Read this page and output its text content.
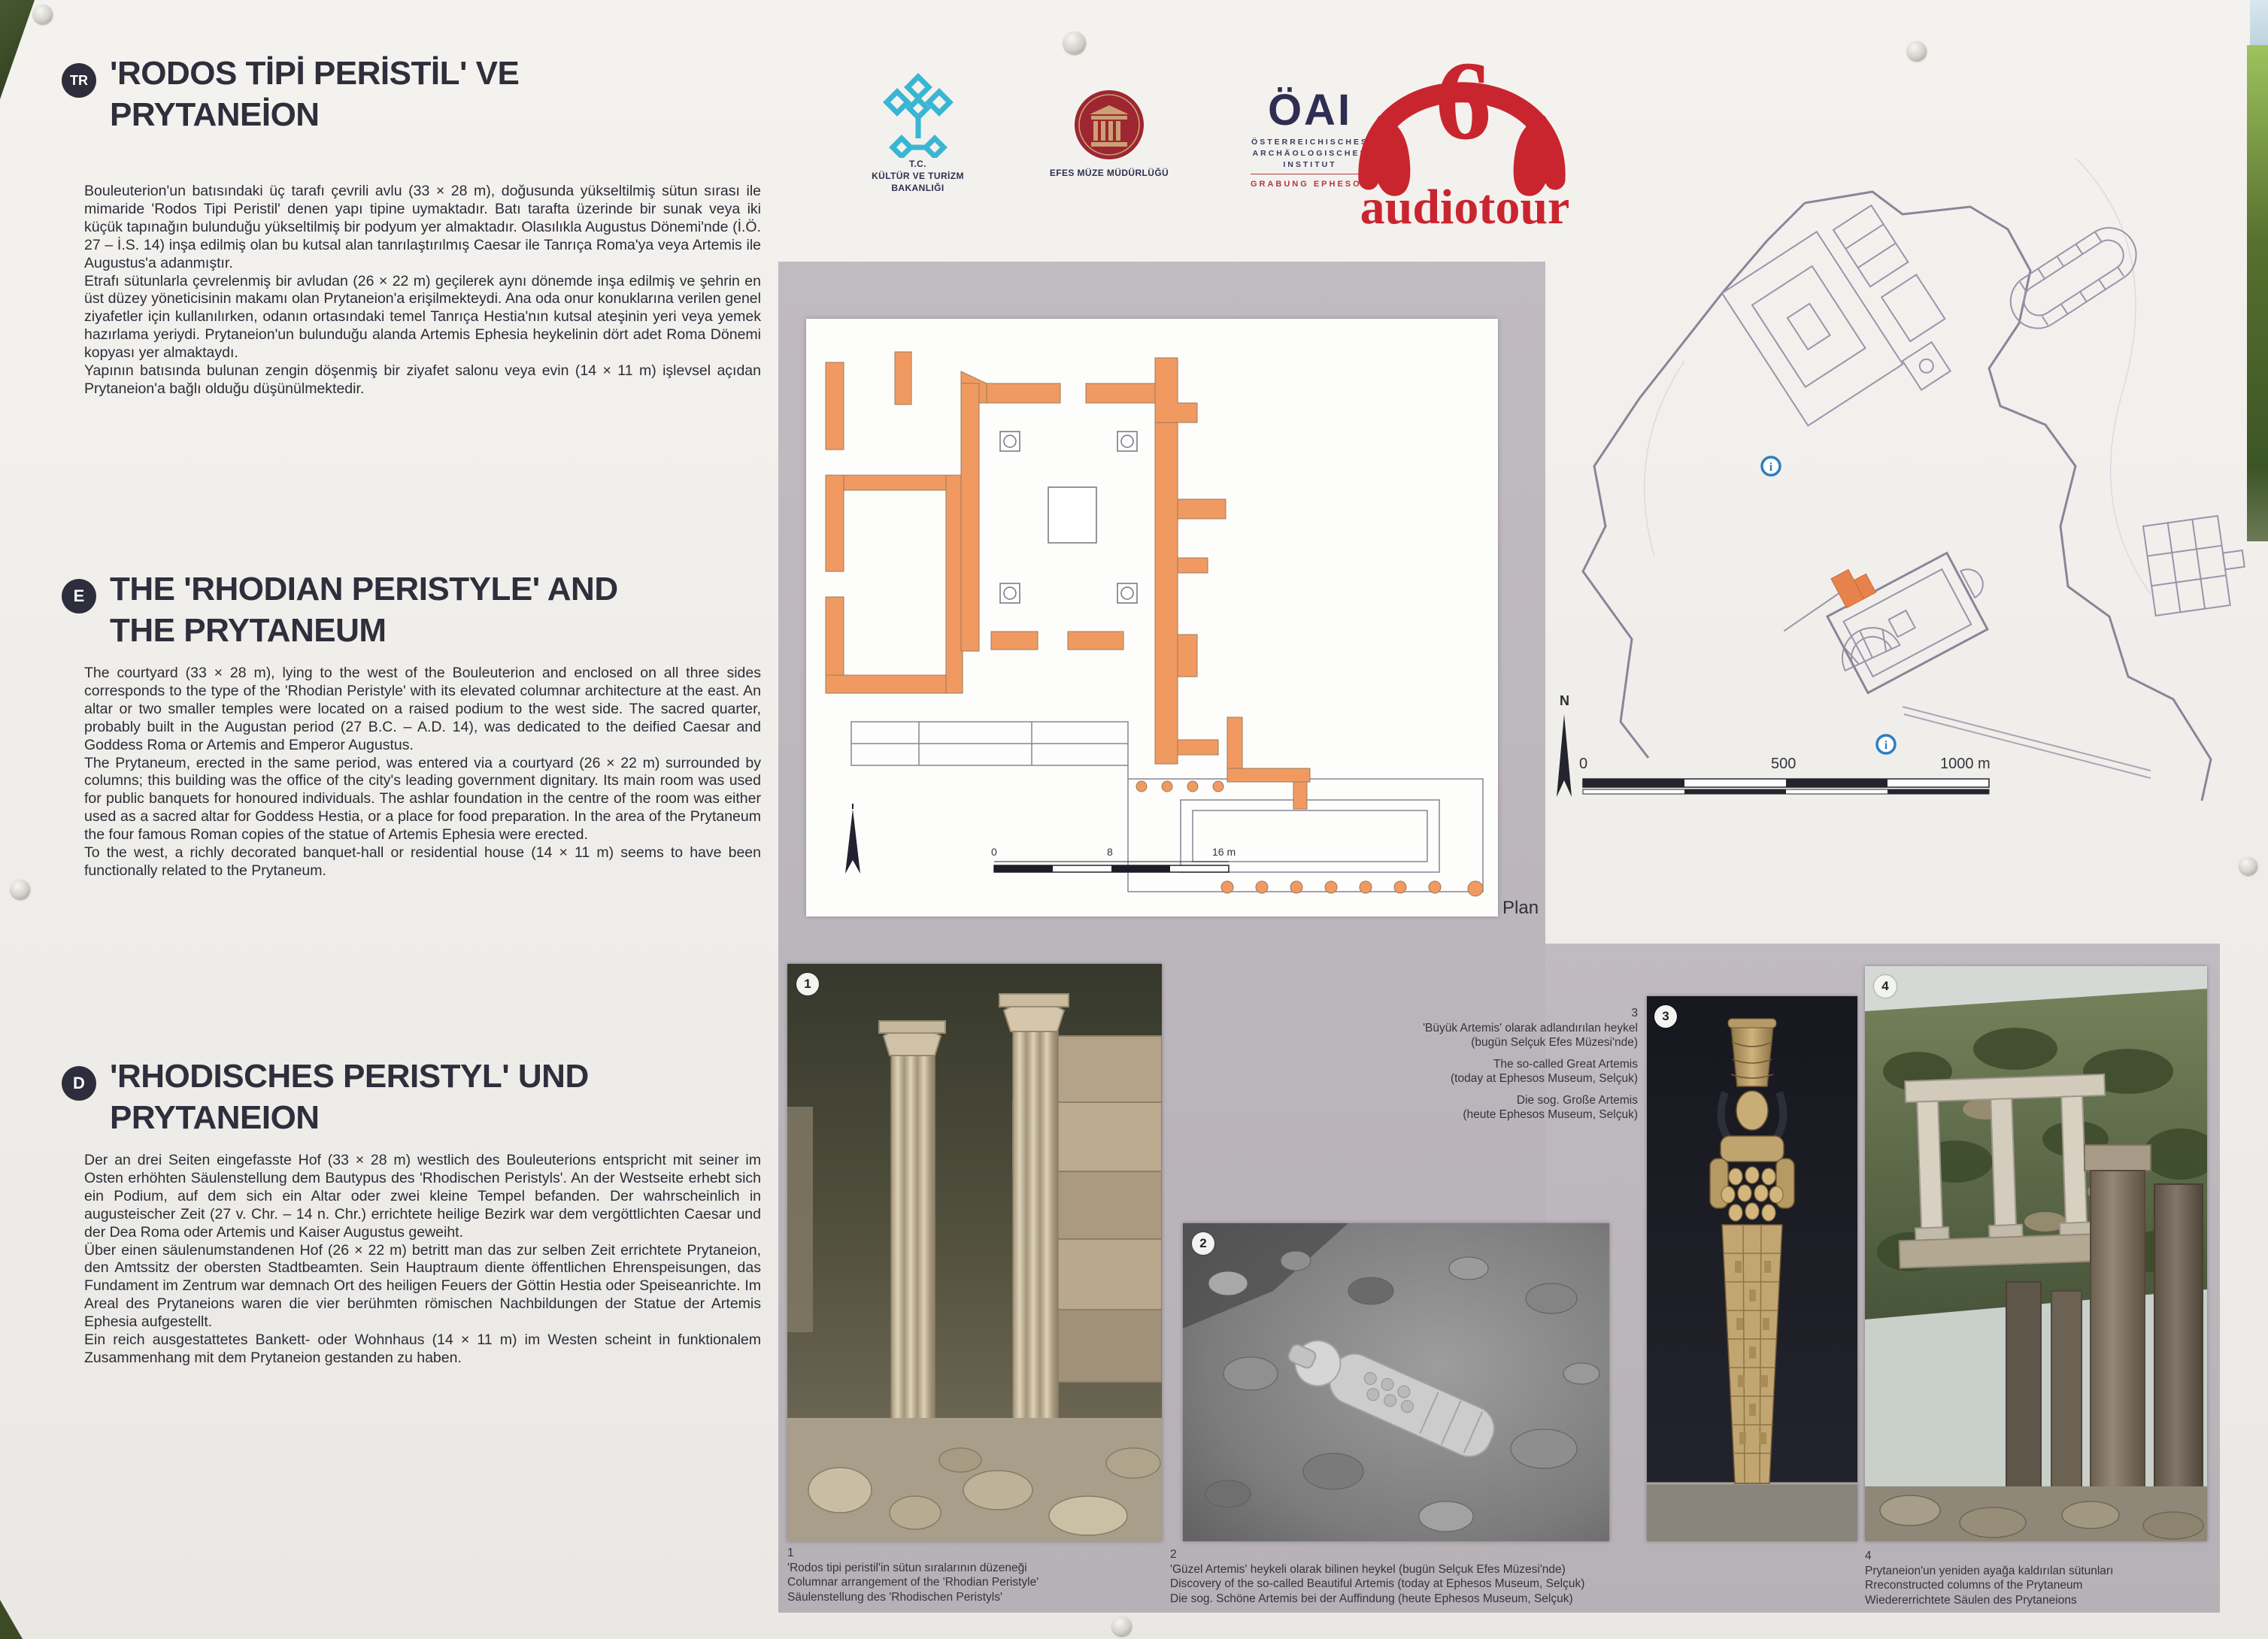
T.C.
KÜLTÜR VE TURİZM BAKANLIĞI
EFES MÜZE MÜDÜRLÜĞÜ
ÖAI
ÖSTERREICHISCHES
ARCHÄOLOGISCHES
INSTITUT
GRABUNG EPHESOS
6
audiotour
TR 'RODOS TİPİ PERİSTİL' VE
PRYTANEİON

Bouleuterion'un batısındaki üç tarafı çevrili avlu (33 × 28 m), doğusunda yükseltilmiş sütun sırası ile mimaride 'Rodos Tipi Peristil' denen yapı tipine uymaktadır. Batı tarafta üzerinde bir sunak veya iki küçük tapınağın bulunduğu yükseltilmiş bir podyum yer almaktadır. Olasılıkla Augustus Dönemi'nde (İ.Ö. 27 – İ.S. 14) inşa edilmiş olan bu kutsal alan tanrılaştırılmış Caesar ile Tanrıça Roma'ya veya Artemis ile Augustus'a adanmıştır.

Etrafı sütunlarla çevrelenmiş bir avludan (26 × 22 m) geçilerek aynı dönemde inşa edilmiş ve şehrin en üst düzey yöneticisinin makamı olan Prytaneion'a erişilmekteydi. Ana oda onur konuklarına verilen genel ziyafetler için kullanılırken, odanın ortasındaki temel Tanrıça Hestia'nın kutsal ateşinin yeri veya yemek hazırlama yeriydi. Prytaneion'un bulunduğu alanda Artemis Ephesia heykelinin dört adet Roma Dönemi kopyası yer almaktaydı.

Yapının batısında bulunan zengin döşenmiş bir ziyafet salonu veya evin (14 × 11 m) işlevsel açıdan Prytaneion'a bağlı olduğu düşünülmektedir.

E THE 'RHODIAN PERISTYLE' AND
THE PRYTANEUM

The courtyard (33 × 28 m), lying to the west of the Bouleuterion and enclosed on all three sides corresponds to the type of the 'Rhodian Peristyle' with its elevated columnar architecture at the east. An altar or two smaller temples were located on a raised podium to the west side. The sacred quarter, probably built in the Augustan period (27 B.C. – A.D. 14), was dedicated to the deified Caesar and Goddess Roma or Artemis and Emperor Augustus.

The Prytaneum, erected in the same period, was entered via a courtyard (26 × 22 m) surrounded by columns; this building was the office of the city's leading government dignitary. Its main room was used for public banquets for honoured individuals. The ashlar foundation in the centre of the room was either used as a sacred altar for Goddess Hestia, or a place for food preparation. In the area of the Prytaneum the four famous Roman copies of the statue of Artemis Ephesia were erected.

To the west, a richly decorated banquet-hall or residential house (14 × 11 m) seems to have been functionally related to the Prytaneum.

D 'RHODISCHES PERISTYL' UND
PRYTANEION

Der an drei Seiten eingefasste Hof (33 × 28 m) westlich des Bouleuterions entspricht mit seiner im Osten erhöhten Säulenstellung dem Bautypus des 'Rhodischen Peristyls'. An der Westseite erhebt sich ein Podium, auf dem sich ein Altar oder zwei kleine Tempel befanden. Der wahrscheinlich in augusteischer Zeit (27 v. Chr. – 14 n. Chr.) errichtete heilige Bezirk war dem vergöttlichten Caesar und der Dea Roma oder Artemis und Kaiser Augustus geweiht.

Über einen säulenumstandenen Hof (26 × 22 m) betritt man das zur selben Zeit errichtete Prytaneion, den Amtssitz der obersten Stadtbeamten. Sein Hauptraum diente öffentlichen Ehrenspeisungen, das Fundament im Zentrum war demnach Ort des heiligen Feuers der Göttin Hestia oder Speiseanrichte. Im Areal des Prytaneions waren die vier berühmten römischen Nachbildungen der Statue der Artemis Ephesia aufgestellt.

Ein reich ausgestattetes Bankett- oder Wohnhaus (14 × 11 m) im Westen scheint in funktionalem Zusammenhang mit dem Prytaneion gestanden zu haben.

0	8	16 m
Plan
i
i
N
0	500	1000 m
1
2
3
'Büyük Artemis' olarak adlandırılan heykel
(bugün Selçuk Efes Müzesi'nde)
The so-called Great Artemis
(today at Ephesos Museum, Selçuk)
Die sog. Große Artemis
(heute Ephesos Museum, Selçuk)
3
4
1
'Rodos tipi peristil'in sütun sıralarının düzeneği
Columnar arrangement of the 'Rhodian Peristyle'
Säulenstellung des 'Rhodischen Peristyls'
2
'Güzel Artemis' heykeli olarak bilinen heykel (bugün Selçuk Efes Müzesi'nde)
Discovery of the so-called Beautiful Artemis (today at Ephesos Museum, Selçuk)
Die sog. Schöne Artemis bei der Auffindung (heute Ephesos Museum, Selçuk)
4
Prytaneion'un yeniden ayağa kaldırılan sütunları
Rreconstructed columns of the Prytaneum
Wiedererrichtete Säulen des Prytaneions
